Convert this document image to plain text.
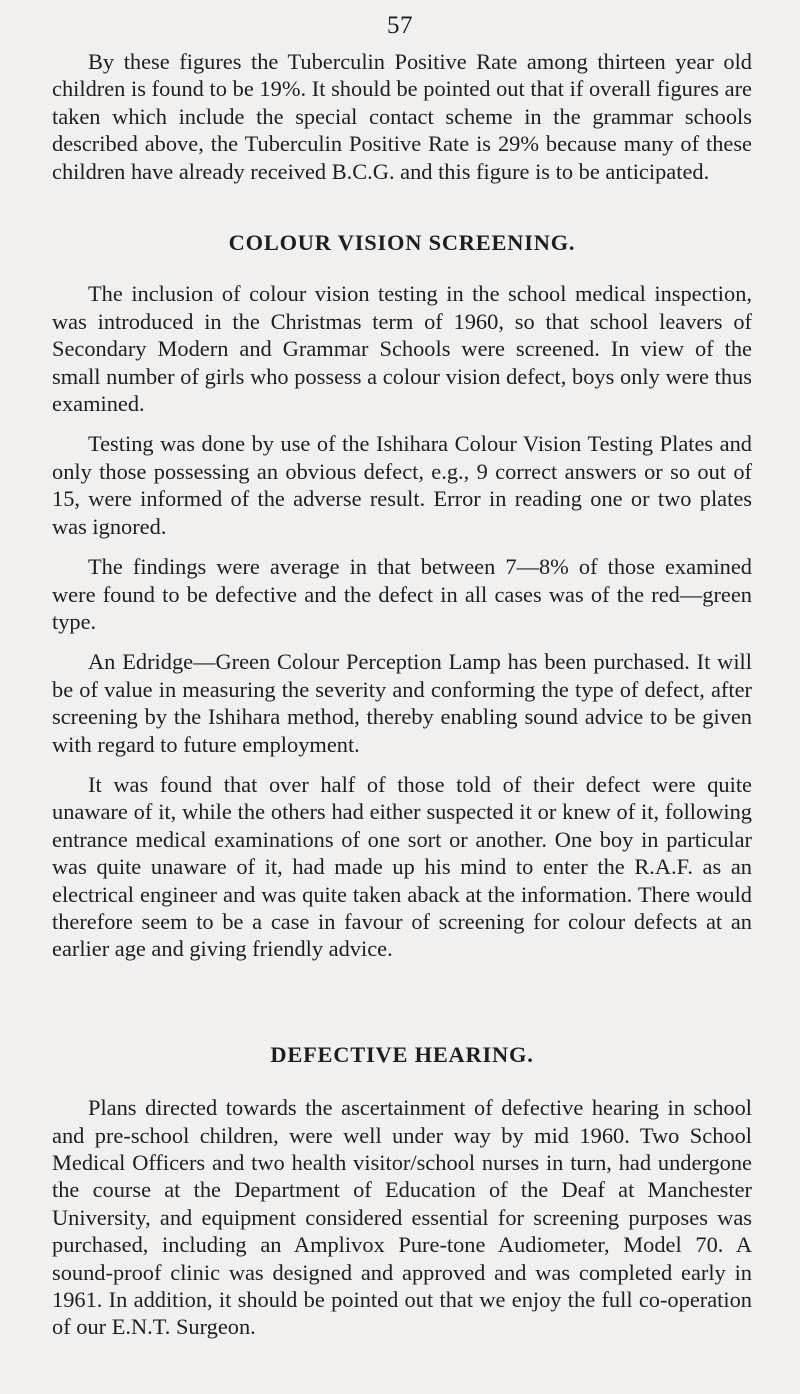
57

By these figures the Tuberculin Positive Rate among thirteen year old children is found to be 19%. It should be pointed out that if overall figures are taken which include the special contact scheme in the grammar schools described above, the Tuberculin Positive Rate is 29% because many of these children have already received B.C.G. and this figure is to be anticipated.

COLOUR VISION SCREENING.

The inclusion of colour vision testing in the school medical inspection, was introduced in the Christmas term of 1960, so that school leavers of Secondary Modern and Grammar Schools were screened. In view of the small number of girls who possess a colour vision defect, boys only were thus examined.

Testing was done by use of the Ishihara Colour Vision Testing Plates and only those possessing an obvious defect, e.g., 9 correct answers or so out of 15, were informed of the adverse result. Error in reading one or two plates was ignored.

The findings were average in that between 7—8% of those examined were found to be defective and the defect in all cases was of the red—green type.

An Edridge—Green Colour Perception Lamp has been purchased. It will be of value in measuring the severity and conforming the type of defect, after screening by the Ishihara method, thereby enabling sound advice to be given with regard to future employment.

It was found that over half of those told of their defect were quite unaware of it, while the others had either suspected it or knew of it, following entrance medical examinations of one sort or another. One boy in particular was quite unaware of it, had made up his mind to enter the R.A.F. as an electrical engineer and was quite taken aback at the information. There would therefore seem to be a case in favour of screening for colour defects at an earlier age and giving friendly advice.

DEFECTIVE HEARING.

Plans directed towards the ascertainment of defective hearing in school and pre-school children, were well under way by mid 1960. Two School Medical Officers and two health visitor/school nurses in turn, had undergone the course at the Department of Education of the Deaf at Manchester University, and equipment considered essential for screening purposes was purchased, including an Amplivox Pure-tone Audiometer, Model 70. A sound-proof clinic was designed and approved and was completed early in 1961. In addition, it should be pointed out that we enjoy the full co-operation of our E.N.T. Surgeon.
